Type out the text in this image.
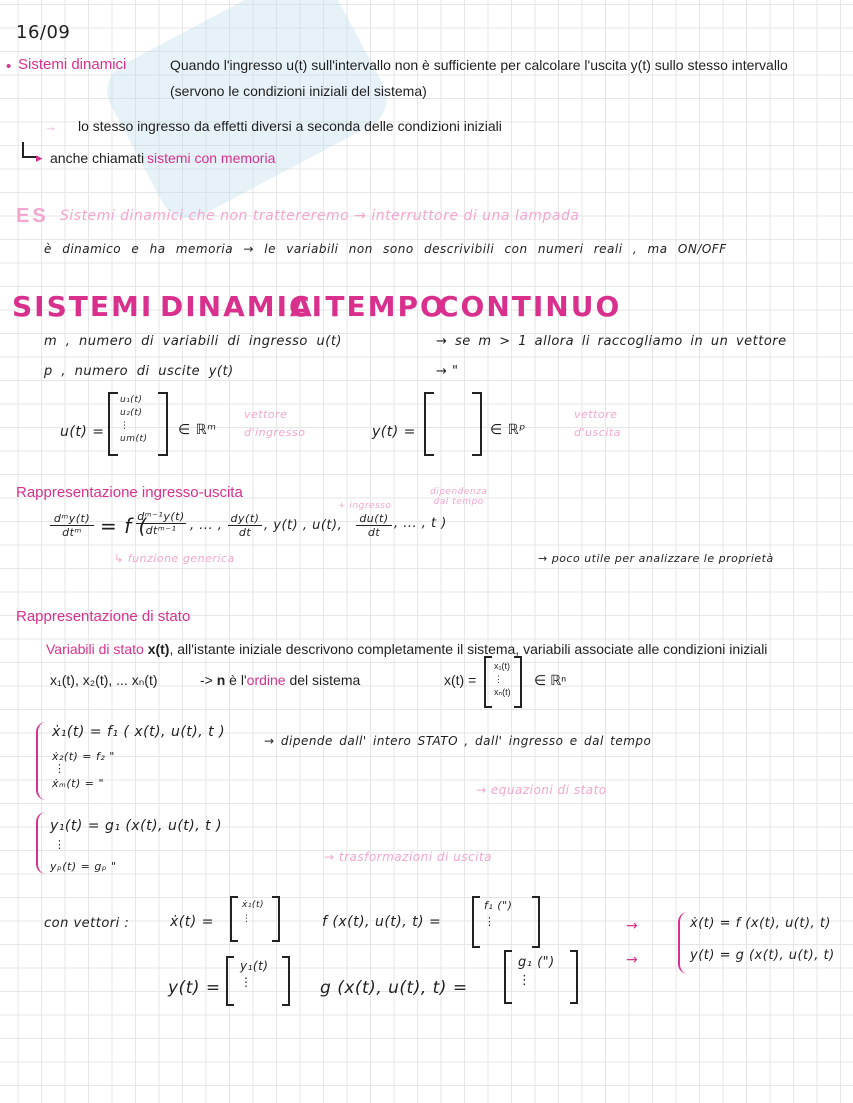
16/09
• Sistemi dinamici	Quando l'ingresso u(t) sull'intervallo non è sufficiente per calcolare l'uscita y(t) sullo stesso intervallo
(servono le condizioni iniziali del sistema)
→ lo stesso ingresso da effetti diversi a seconda delle condizioni iniziali
▸ anche chiamati sistemi con memoria
ES Sistemi dinamici che non trattereremo → interruttore di una lampada
è dinamico e ha memoria → le variabili non sono descrivibili con numeri reali , ma ON/OFF
SISTEMI DINAMICI
A TEMPO
CONTINUO
m , numero di variabili di ingresso u(t)	→ se m > 1 allora li raccogliamo in un vettore
p , numero di uscite y(t)	→ "
u(t) =
u₁(t)
u₂(t)
⋮
um(t)
∈ ℝᵐ
vettore
d'ingresso	y(t) =	∈ ℝᵖ
vettore
d'uscita
Rappresentazione ingresso-uscita
+ ingresso
dipendenza
dal tempo
dᵐy(t)
dtᵐ = f (
dᵐ⁻¹y(t)
dtᵐ⁻¹	, ... , $\frac{dy(t)}{dt}$ , y(t) , u(t), $\frac{du(t)}{dt}$ , ... , t )
↳ funzione generica	→ poco utile per analizzare le proprietà
Rappresentazione di stato
Variabili di stato x(t), all'istante iniziale descrivono completamente il sistema, variabili associate alle condizioni iniziali
x₁(t), x₂(t), ... xₙ(t)	-> n è l'ordine del sistema	x(t) =
x₁(t)
⋮
xₙ(t)
∈ ℝⁿ
ẋ₁(t) = f₁ ( x(t), u(t), t )
ẋ₂(t) = f₂ "
⋮
ẋₘ(t) = "
→ dipende dall' intero STATO , dall' ingresso e dal tempo
→ equazioni di stato
y₁(t) = g₁ (x(t), u(t), t )
⋮
yₚ(t) = gₚ "
→ trasformazioni di uscita
con vettori :	ẋ(t) =
ẋ₁(t)
⋮	f (x(t), u(t), t) =
f₁ (")
⋮	→
→
ẋ(t) = f (x(t), u(t), t)
y(t) = g (x(t), u(t), t)
y(t) =
y₁(t)
⋮	g (x(t), u(t), t) =
g₁ (")
⋮
